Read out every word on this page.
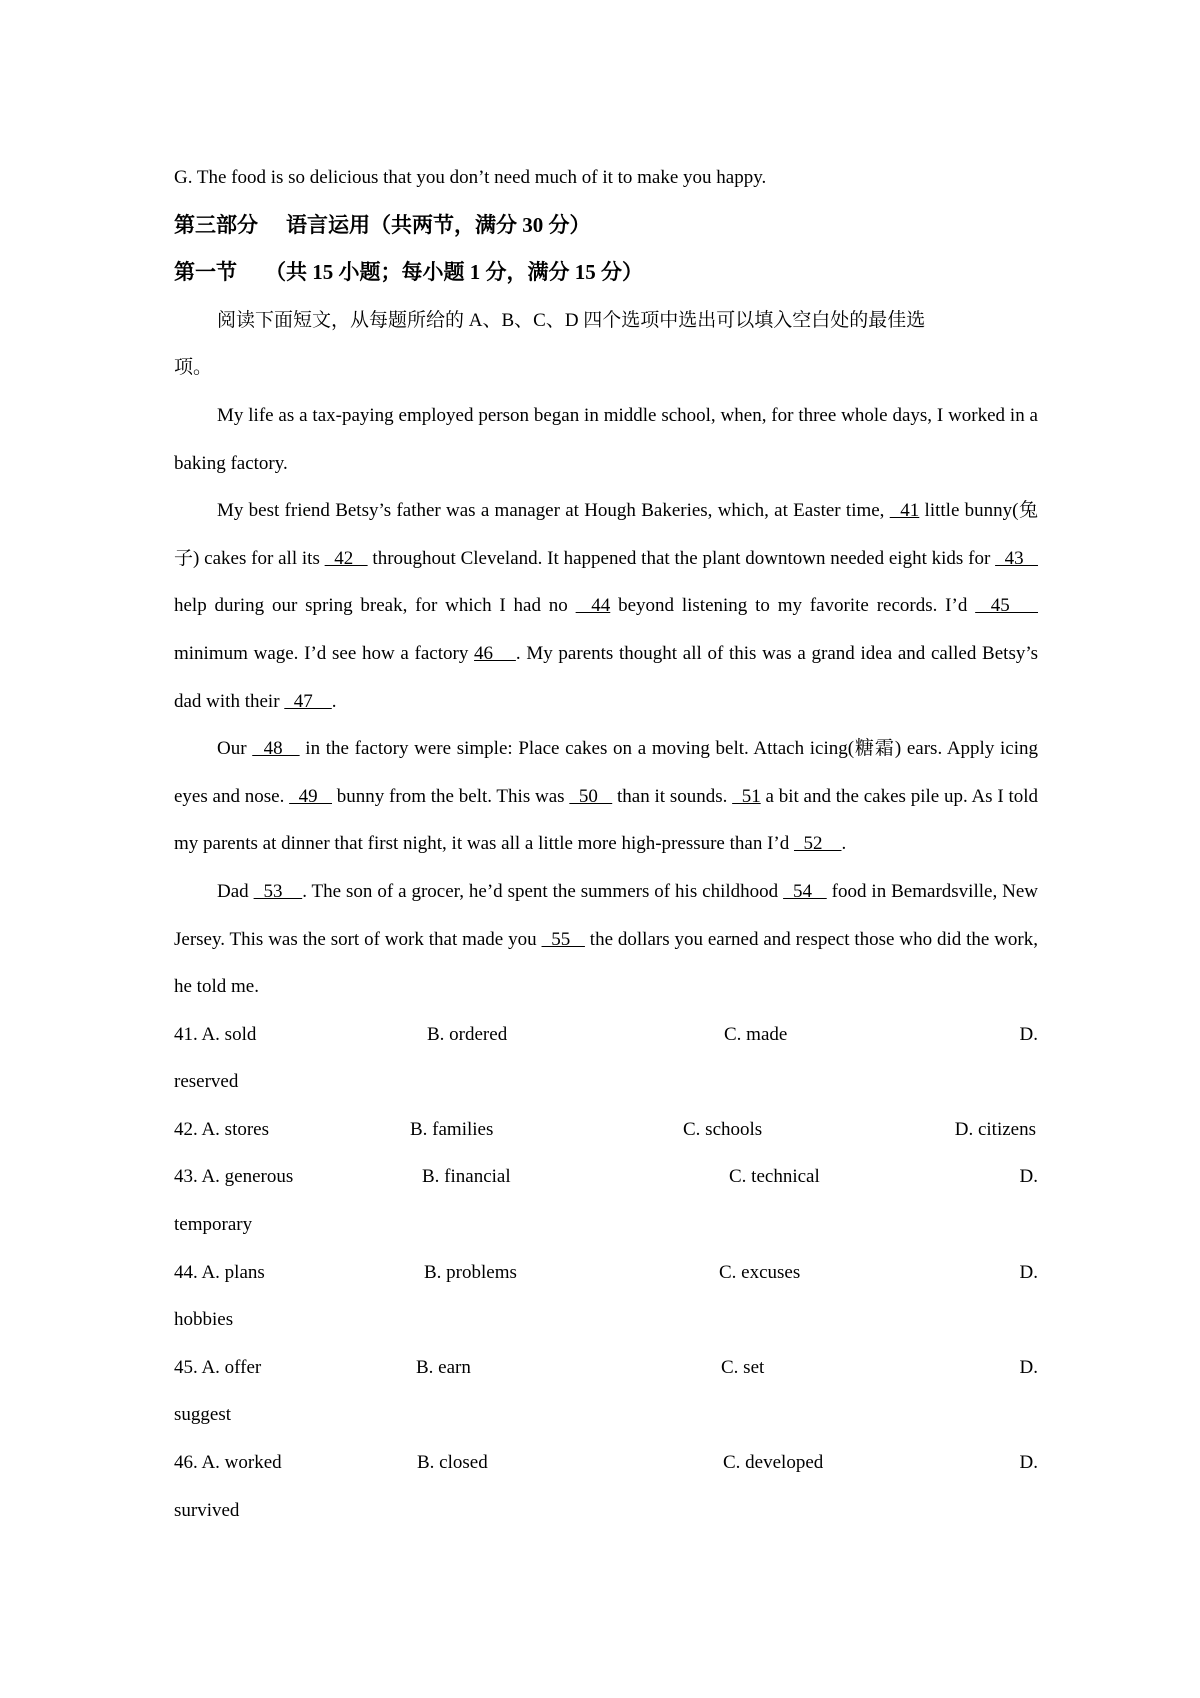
G. The food is so delicious that you don’t need much of it to make you happy.
第三部分 语言运用（共两节，满分 30 分）
第一节 （共 15 小题；每小题 1 分，满分 15 分）
阅读下面短文，从每题所给的 A、B、C、D 四个选项中选出可以填入空白处的最佳选
项。
My life as a tax-paying employed person began in middle school, when, for three whole days, I worked in a baking factory.
My best friend Betsy’s father was a manager at Hough Bakeries, which, at Easter time,   41 little bunny(兔子) cakes for all its   42    throughout Cleveland. It happened that the plant downtown needed eight kids for   43    help during our spring break, for which I had no   44 beyond listening to my favorite records. I’d   45     minimum wage. I’d see how a factory 46    . My parents thought all of this was a grand idea and called Betsy’s dad with their   47    .
Our   48    in the factory were simple: Place cakes on a moving belt. Attach icing(糖霜) ears. Apply icing eyes and nose.   49    bunny from the belt. This was   50    than it sounds.   51 a bit and the cakes pile up. As I told my parents at dinner that first night, it was all a little more high-pressure than I’d   52    .
Dad   53    . The son of a grocer, he’d spent the summers of his childhood   54    food in Bemardsville, New Jersey. This was the sort of work that made you   55    the dollars you earned and respect those who did the work, he told me.
41. A. sold	B. ordered	C. made	D.
reserved
42. A. stores	B. families	C. schools	D. citizens
43. A. generous	B. financial	C. technical	D.
temporary
44. A. plans	B. problems	C. excuses	D.
hobbies
45. A. offer	B. earn	C. set	D.
suggest
46. A. worked	B. closed	C. developed	D.
survived
